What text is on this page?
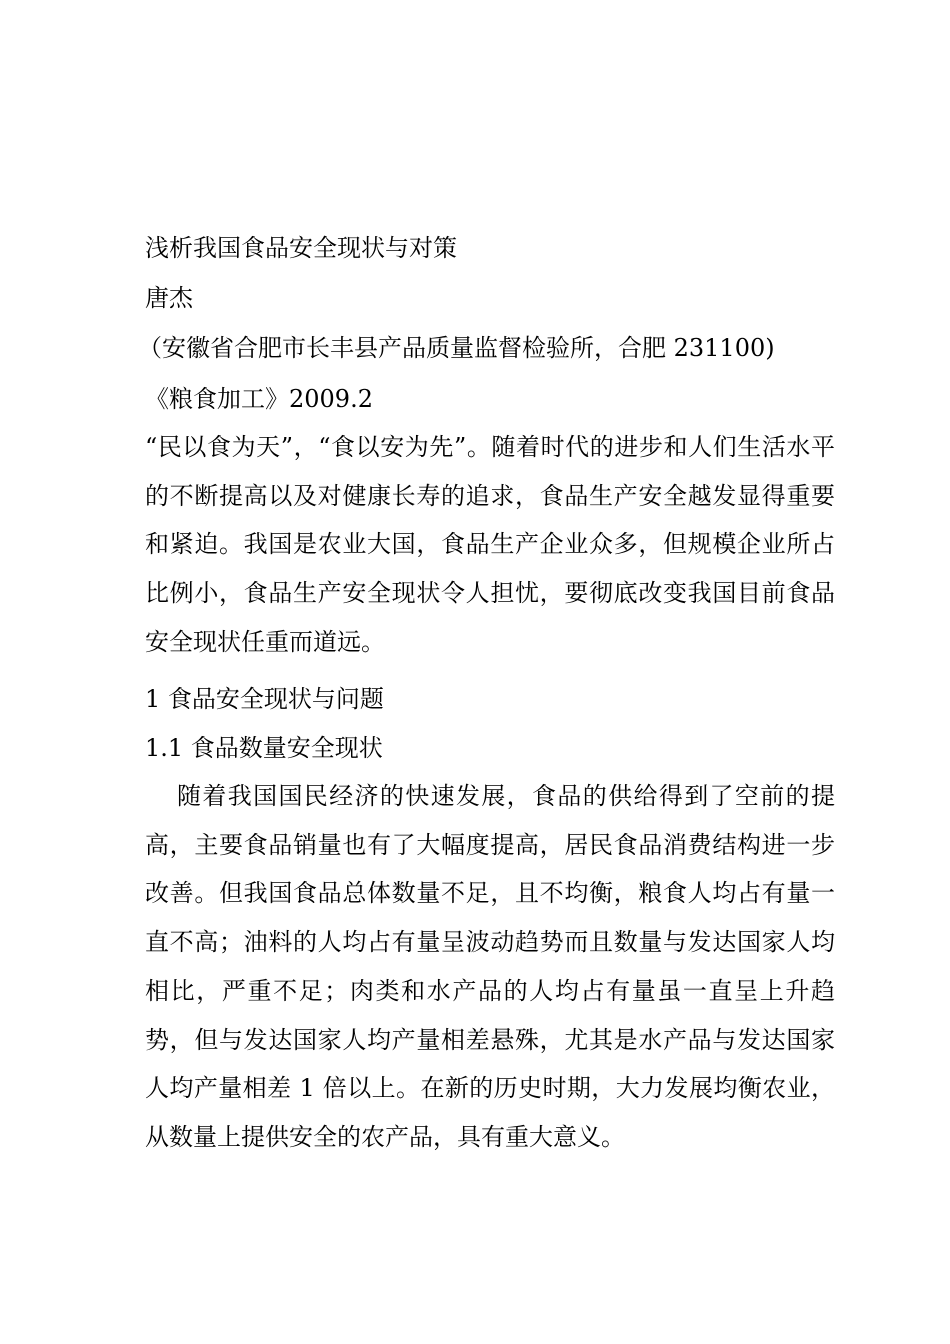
浅析我国食品安全现状与对策
唐杰
（安徽省合肥市长丰县产品质量监督检验所，合肥 231100)
《粮食加工》2009.2
“民以食为天”，“食以安为先”。随着时代的进步和人们生活水平的不断提高以及对健康长寿的追求，食品生产安全越发显得重要和紧迫。我国是农业大国，食品生产企业众多，但规模企业所占比例小，食品生产安全现状令人担忧，要彻底改变我国目前食品安全现状任重而道远。
1 食品安全现状与问题
1.1 食品数量安全现状
随着我国国民经济的快速发展，食品的供给得到了空前的提高，主要食品销量也有了大幅度提高，居民食品消费结构进一步改善。但我国食品总体数量不足，且不均衡，粮食人均占有量一直不高；油料的人均占有量呈波动趋势而且数量与发达国家人均相比，严重不足；肉类和水产品的人均占有量虽一直呈上升趋势，但与发达国家人均产量相差悬殊，尤其是水产品与发达国家人均产量相差 1 倍以上。在新的历史时期，大力发展均衡农业，从数量上提供安全的农产品，具有重大意义。
